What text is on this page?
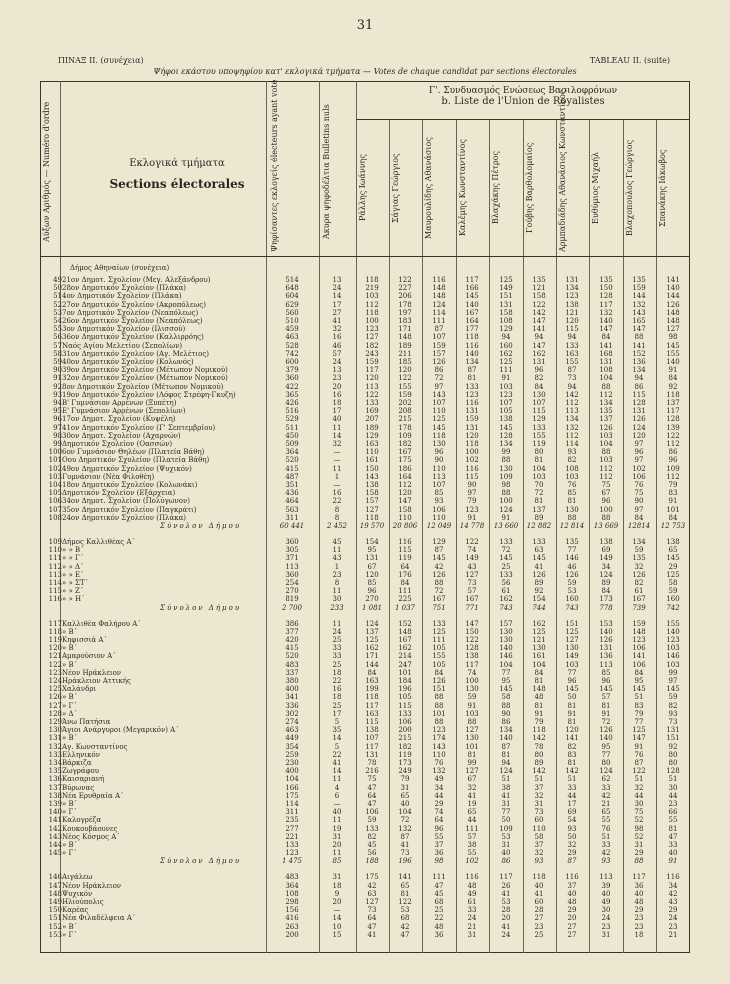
31
ΠΙΝΑΞ II. (συνέχεια)	TABLEAU II. (suite)
Ψήφοι εκάστου υποψηφίου κατ' εκλογικά τμήματα — Votes de chaque candidat par sections électorales
Αύξων Αριθμός — Numéro d'ordre	Εκλογικά τμήματα
Sections électorales	Ψηφίσαντες εκλογείς électeurs ayant voté	Άκυρα ψηφοδέλτια Bulletins nuls
Γ'. Συνδυασμός Ενώσεως Βασιλοφρόνων
b. Liste de l'Union de Royalistes
Ράλλης Ιωάννης	Σάγιας Γεώργιος	Μαυρουλίδης Αθανάσιος	Καλέμης Κωνσταντίνος	Βλαχάκης Πέτρος	Γούβης Βαρθολομαίος	Αρμπαδιάδης Αθανάσιος Κωνσταντίνος	Ευθύμιος Μιχαήλ	Βλαχοπουλος Γεώργιος	Σπανάκης Ιάκωβος
Δήμος Αθηναίων (συνέχεια)
49 21ον Δημοτ. Σχολείον (Μεγ. Αλεξάνδρου)	514	13	118	122	116	117	125	135	131	135	135	141
50 28ον Δημοτικόν Σχολείον (Πλάκα)	648	24	219	227	148	166	149	121	134	150	159	140
51 4ον Δημοτικόν Σχολείον (Πλάκα)	604	14	103	206	148	145	151	158	123	128	144	144
52 27ον Δημοτικόν Σχολείον (Ακροπόλεως)	629	17	112	178	124	140	131	122	138	117	132	126
53 7ον Δημοτικόν Σχολείον (Νεαπόλεως)	560	27	118	197	114	167	158	142	121	132	143	148
54 26ον Δημοτικόν Σχολείον (Νεαπόλεως)	510	41	100	183	111	164	108	147	120	140	165	148
55 3ον Δημοτικόν Σχολείον (Ιλισσού)	459	32	123	171	87	177	129	141	115	147	147	127
56 36ον Δημοτικόν Σχολείον (Καλλιρρόης)	463	16	127	148	107	118	94	94	94	84	88	98
57 Ναός Αγίου Μελετίου (Σεπολίων)	528	46	182	189	159	116	160	147	133	141	141	145
58 31ον Δημοτικόν Σχολείον (Αγ. Μελέτιος)	742	57	243	211	157	140	162	162	163	168	152	155
59 40ον Δημοτικόν Σχολείον (Κολωνός)	600	24	159	185	126	134	125	131	155	131	136	140
90 39ον Δημοτικόν Σχολείον (Μέτωπον Νομικού)	379	13	117	120	86	87	111	96	87	108	134	91
91 32ον Δημοτικόν Σχολείον (Μέτωπον Νομικού)	360	23	120	122	72	81	91	82	73	104	94	84
92 8ον Δημοτικόν Σχολείον (Μέτωπον Νομικού)	422	20	113	155	97	133	103	84	94	88	86	92
93 19ον Δημοτικόν Σχολείον (Λόφος Στρέφη-Γκυζη)	365	16	122	159	143	123	123	130	142	112	115	118
94 Β' Γυμνάσιον Αρρένων (Ξυπέτη)	426	18	133	202	107	116	107	107	112	134	128	137
95 Ε' Γυμνάσιον Αρρένων (Σεπολίων)	516	17	169	208	110	131	105	115	113	135	131	117
96 17ον Δημοτ. Σχολείον (Κυψέλη)	529	40	207	215	125	159	138	129	134	137	126	128
97 41ον Δημοτικόν Σχολείον (Γ' Σεπτεμβρίου)	511	11	189	178	145	131	145	133	132	126	124	139
98 30ον Δημοτ. Σχολείον (Αχαρνών)	450	14	129	109	118	120	128	155	112	103	120	122
99 Δημοτικόν Σχολείον (Οασσών)	509	32	163	182	130	118	134	119	114	104	97	112
100 6ον Γυμνάσιον Θηλέων (Πλατεία Βάθη)	364	—	110	167	96	100	99	80	93	88	96	86
101 Οου Δημοτικόν Σχολείον (Πλατεία Βάθη)	520	—	161	175	90	102	88	81	82	103	97	96
102 49ον Δημοτικόν Σχολείον (Ψυχικόν)	415	11	150	186	110	116	130	104	108	112	102	109
103 Γυμνάσιον (Νέα Φιλοθέη)	487	1	143	164	113	115	109	103	103	112	106	112
104 18ον Δημοτικόν Σχολείον (Κολωνάκι)	351	—	138	112	107	90	98	70	76	75	76	79
105 Δημοτικόν Σχολείον (Εξάρχεια)	436	16	158	120	85	97	88	72	85	67	75	83
106 34ον Δημοτ. Σχολείον (Πολύγωνον)	464	22	157	147	93	79	100	81	81	96	90	91
107 35ον Δημοτικόν Σχολείον (Παγκράτι)	563	8	127	158	106	123	124	137	130	100	97	101
108 24ον Δημοτικόν Σχολείον (Πλάκα)	311	8	118	110	110	91	91	89	88	88	84	84
Σύνολον Δήμου	60 441	2 452	19 570	20 806	12 049	14 778	13 660	12 882	12 814	13 669	12814	12 753
109 Δήμος Καλλιθέας Α΄	360	45	154	116	129	122	133	133	135	138	134	138
110 » » Β΄	305	11	95	115	87	74	72	63	77	69	59	65
111 » » Γ΄	371	43	131	119	145	149	145	145	146	149	135	145
112 » » Δ΄	113	1	67	64	42	43	25	41	46	34	32	29
113 » » Ε΄	360	23	120	176	126	127	133	126	126	124	126	125
114 » » ΣΤ΄	254	8	85	84	88	73	56	89	59	89	82	58
115 » » Ζ΄	270	11	96	111	72	57	61	92	53	84	61	59
116 » » Η΄	819	30	270	225	167	167	162	154	160	173	167	160
Σύνολον Δήμου	2 700	233	1 081	1 037	751	771	743	744	743	778	739	742
117 Καλλιθέα Φαλήρου Α΄	386	11	124	152	133	147	157	162	151	153	159	155
118 » Β΄	377	24	137	148	125	150	130	125	125	140	148	140
119 Κηφισσιά Α΄	420	25	125	167	111	122	130	121	127	126	123	123
120 » Β΄	415	33	162	162	105	128	140	130	130	131	106	103
121 Αμαρούσιον Α΄	520	33	171	214	155	138	146	161	149	136	141	146
122 » Β΄	483	25	144	247	105	117	104	104	103	113	106	103
123 Νέον Ηράκλειον	337	18	84	101	84	74	77	84	77	85	84	99
124 Ηράκλειον Αττικής	380	22	163	184	126	100	95	81	96	96	95	97
125 Χαλάνδρι	400	16	199	196	151	130	145	148	145	145	145	145
126 » Β΄	341	18	118	105	88	59	58	48	50	57	51	59
127 » Γ΄	336	25	117	115	88	91	88	81	81	81	83	82
128 » Δ΄	302	17	163	133	101	103	90	91	91	91	79	93
129 Άνω Πατήσια	274	5	115	106	88	88	86	79	81	72	77	73
130 Άγιοι Ανάργυροι (Μεγαρικόν) Α΄	463	35	138	200	123	127	134	118	120	126	125	131
131 » Β΄	449	14	107	215	174	130	140	142	141	140	147	151
132 Αγ. Κωνσταντίνος	354	5	117	182	143	101	87	78	82	95	91	92
133 Ελληνικόν	259	22	131	119	110	81	81	80	83	77	76	80
134 Βάρκιζα	230	41	78	173	76	99	94	89	81	80	87	80
135 Ζωγράφου	400	14	216	249	132	127	124	142	142	124	122	128
136 Καισαριανή	104	11	75	79	49	67	51	51	51	62	51	51
137 Βύρωνας	166	4	47	31	34	32	38	37	33	33	32	30
138 Νέα Ερυθραία Α΄	175	6	64	65	44	41	41	32	44	42	44	44
139 » Β΄	114	—	47	40	29	19	31	31	17	21	30	23
140 » Γ΄	311	40	106	104	74	65	77	73	69	65	75	66
141 Καλογρέζα	235	11	59	72	64	44	50	60	54	55	52	55
142 Κουκουβάουνες	277	19	133	132	96	111	109	110	93	76	98	81
143 Νέος Κόσμος Α΄	221	31	82	87	55	57	53	58	50	51	52	47
144 » Β΄	133	20	45	41	37	38	31	37	32	33	31	33
145 » Γ΄	123	11	56	73	36	55	40	32	29	42	29	40
Σύνολον Δήμου	1 475	85	188	196	98	102	86	93	87	93	88	91
146 Αιγάλεω	483	31	175	141	111	116	117	118	116	113	117	116
147 Νέον Ηράκλειον	364	18	42	65	47	48	26	40	37	39	36	34
148 Ψυχικόν	108	9	63	81	45	49	41	41	40	40	40	42
149 Ηλιούπολις	298	20	127	122	68	61	53	60	48	49	48	43
150 Καρέας	156	—	73	53	25	33	28	28	29	30	29	29
151 Νέα Φιλαδέλφεια Α΄	416	14	64	68	22	24	20	27	20	24	23	24
152 » Β΄	263	10	47	42	48	21	41	23	27	23	23	23
153 » Γ΄	200	15	41	47	36	31	24	25	27	31	18	21
